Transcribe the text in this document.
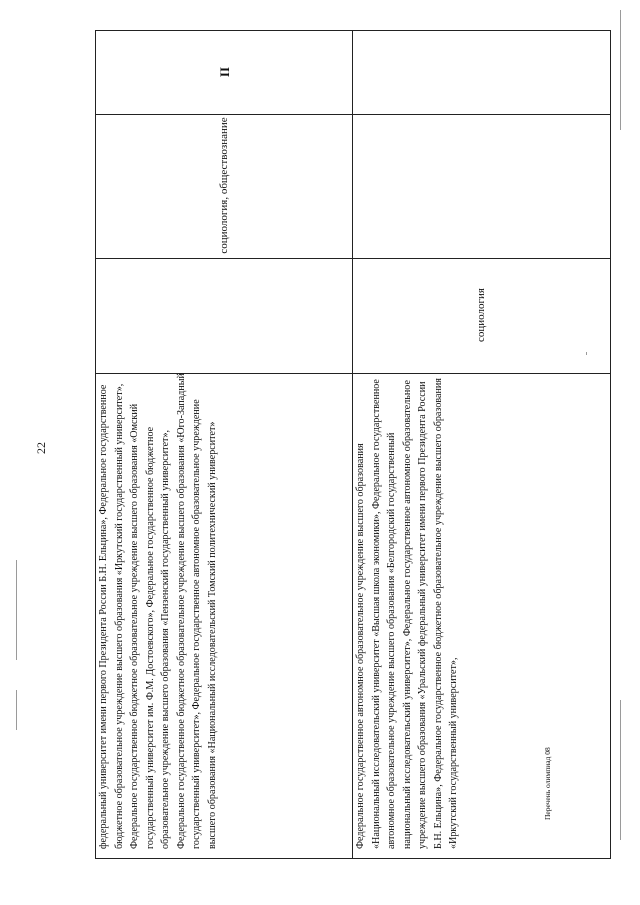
22	федеральный университет имени первого Президента России Б.Н. Ельцина», Федеральное государственное бюджетное образовательное учреждение высшего образования «Иркутский государственный университет», Федеральное государственное бюджетное образовательное учреждение высшего образования «Омский государственный университет им. Ф.М. Достоевского», Федеральное государственное бюджетное образовательное учреждение высшего образования «Пензенский государственный университет», Федеральное государственное бюджетное образовательное учреждение высшего образования «Юго-Западный государственный университет», Федеральное государственное автономное образовательное учреждение высшего образования «Национальный исследовательский Томский политехнический университет»
социология, обществознание
II
Федеральное государственное автономное образовательное учреждение высшего образования «Национальный исследовательский университет «Высшая школа экономики», Федеральное государственное автономное образовательное учреждение высшего образования «Белгородский государственный национальный исследовательский университет», Федеральное государственное автономное образовательное учреждение высшего образования «Уральский федеральный университет имени первого Президента России Б.Н. Ельцина», Федеральное государственное бюджетное образовательное учреждение высшего образования «Иркутский государственный университет»,
социология
Перечень олимпиад 08
